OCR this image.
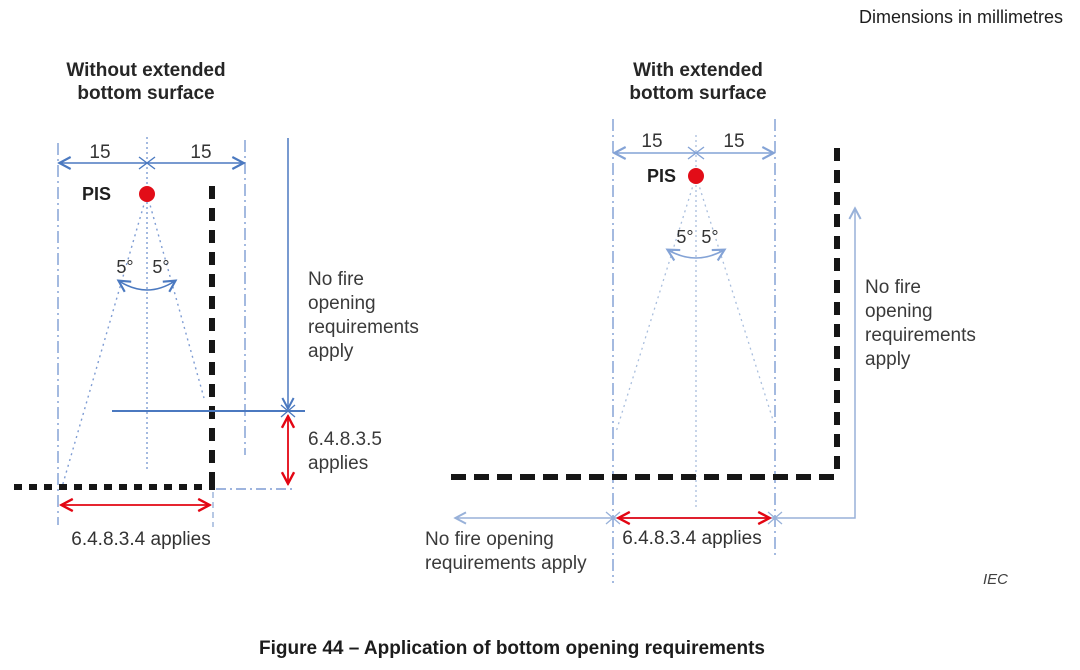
Dimensions in millimetres
Without extended
bottom surface
15	15
PIS
5° 5°
No fire
opening
requirements
apply
6.4.8.3.5
applies
6.4.8.3.4 applies
With extended
bottom surface
15	15
PIS
5° 5°
No fire
opening
requirements
apply
No fire opening
requirements apply
6.4.8.3.4 applies
IEC
Figure 44 – Application of bottom opening requirements
